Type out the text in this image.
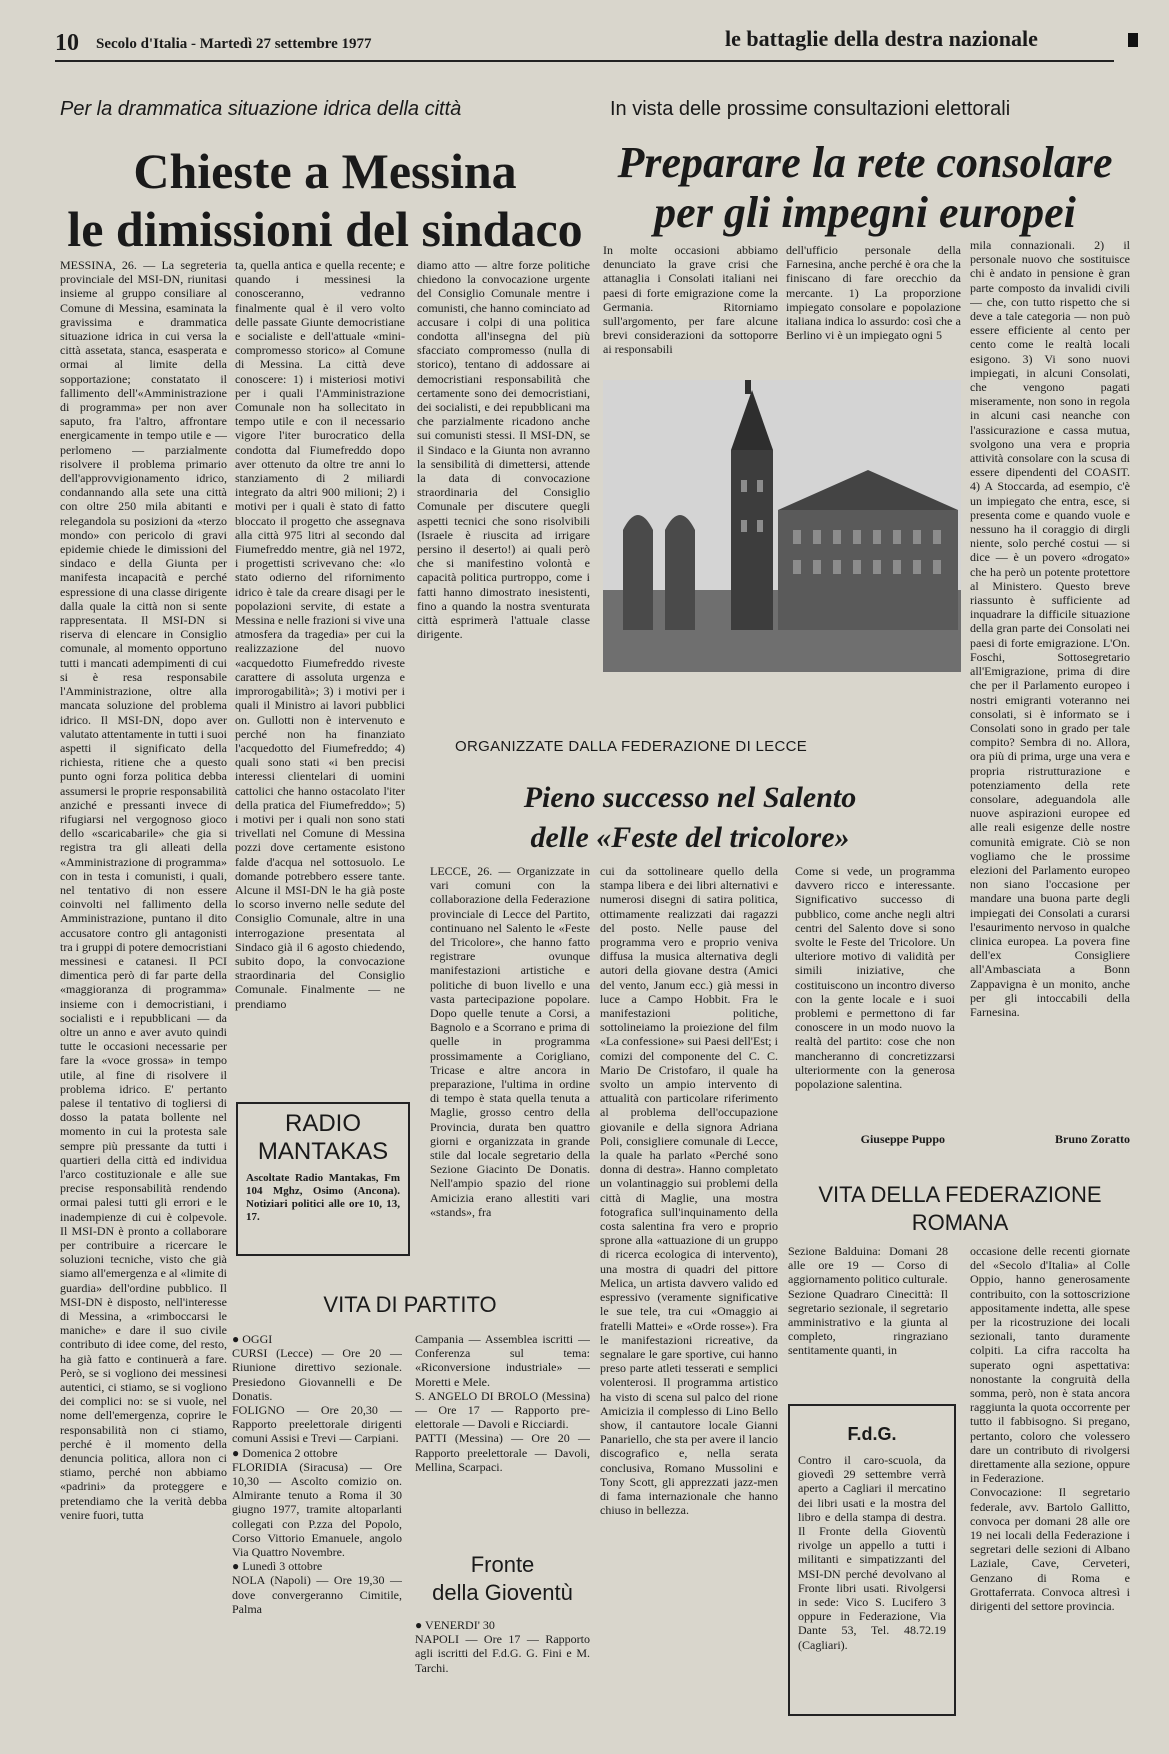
10 Secolo d'Italia - Martedì 27 settembre 1977	le battaglie della destra nazionale
Per la drammatica situazione idrica della città
Chieste a Messina
le dimissioni del sindaco
MESSINA, 26. — La segreteria provinciale del MSI-DN, riunitasi insieme al gruppo consiliare al Comune di Messina, esaminata la gravissima e drammatica situazione idrica in cui versa la città assetata, stanca, esasperata e ormai al limite della sopportazione; constatato il fallimento dell'«Amministrazione di programma» per non aver saputo, fra l'altro, affrontare energicamente in tempo utile e — perlomeno — parzialmente risolvere il problema primario dell'approvvigionamento idrico, condannando alla sete una città con oltre 250 mila abitanti e relegandola su posizioni da «terzo mondo» con pericolo di gravi epidemie chiede le dimissioni del sindaco e della Giunta per manifesta incapacità e perché espressione di una classe dirigente dalla quale la città non si sente rappresentata. Il MSI-DN si riserva di elencare in Consiglio comunale, al momento opportuno tutti i mancati adempimenti di cui si è resa responsabile l'Amministrazione, oltre alla mancata soluzione del problema idrico. Il MSI-DN, dopo aver valutato attentamente in tutti i suoi aspetti il significato della richiesta, ritiene che a questo punto ogni forza politica debba assumersi le proprie responsabilità anziché e pressanti invece di rifugiarsi nel vergognoso gioco dello «scaricabarile» che gia si registra tra gli alleati della «Amministrazione di programma» con in testa i comunisti, i quali, nel tentativo di non essere coinvolti nel fallimento della Amministrazione, puntano il dito accusatore contro gli antagonisti tra i gruppi di potere democristiani messinesi e catanesi. Il PCI dimentica però di far parte della «maggioranza di programma» insieme con i democristiani, i socialisti e i repubblicani — da oltre un anno e aver avuto quindi tutte le occasioni necessarie per fare la «voce grossa» in tempo utile, al fine di risolvere il problema idrico. E' pertanto palese il tentativo di togliersi di dosso la patata bollente nel momento in cui la protesta sale sempre più pressante da tutti i quartieri della città ed individua l'arco costituzionale e alle sue precise responsabilità rendendo ormai palesi tutti gli errori e le inadempienze di cui è colpevole. Il MSI-DN è pronto a collaborare per contribuire a ricercare le soluzioni tecniche, visto che già siamo all'emergenza e al «limite di guardia» dell'ordine pubblico. Il MSI-DN è disposto, nell'interesse di Messina, a «rimboccarsi le maniche» e dare il suo civile contributo di idee come, del resto, ha già fatto e continuerà a fare. Però, se si vogliono dei messinesi autentici, ci stiamo, se si vogliono dei complici no: se si vuole, nel nome dell'emergenza, coprire le responsabilità non ci stiamo, perché è il momento della denuncia politica, allora non ci stiamo, perché non abbiamo «padrini» da proteggere e pretendiamo che la verità debba venire fuori, tutta
ta, quella antica e quella recente; e quando i messinesi la conosceranno, vedranno finalmente qual è il vero volto delle passate Giunte democristiane e socialiste e dell'attuale «mini-compromesso storico» al Comune di Messina. La città deve conoscere: 1) i misteriosi motivi per i quali l'Amministrazione Comunale non ha sollecitato in tempo utile e con il necessario vigore l'iter burocratico della condotta dal Fiumefreddo dopo aver ottenuto da oltre tre anni lo stanziamento di 2 miliardi integrato da altri 900 milioni; 2) i motivi per i quali è stato di fatto bloccato il progetto che assegnava alla città 975 litri al secondo dal Fiumefreddo mentre, già nel 1972, i progettisti scrivevano che: «lo stato odierno del rifornimento idrico è tale da creare disagi per le popolazioni servite, di estate a Messina e nelle frazioni si vive una atmosfera da tragedia» per cui la realizzazione del nuovo «acquedotto Fiumefreddo riveste carattere di assoluta urgenza e improrogabilità»; 3) i motivi per i quali il Ministro ai lavori pubblici on. Gullotti non è intervenuto e perché non ha finanziato l'acquedotto del Fiumefreddo; 4) quali sono stati «i ben precisi interessi clientelari di uomini cattolici che hanno ostacolato l'iter della pratica del Fiumefreddo»; 5) i motivi per i quali non sono stati trivellati nel Comune di Messina pozzi dove certamente esistono falde d'acqua nel sottosuolo. Le domande potrebbero essere tante. Alcune il MSI-DN le ha già poste lo scorso inverno nelle sedute del Consiglio Comunale, altre in una interrogazione presentata al Sindaco già il 6 agosto chiedendo, subito dopo, la convocazione straordinaria del Consiglio Comunale. Finalmente — ne prendiamo
diamo atto — altre forze politiche chiedono la convocazione urgente del Consiglio Comunale mentre i comunisti, che hanno cominciato ad accusare i colpi di una politica condotta all'insegna del più sfacciato compromesso (nulla di storico), tentano di addossare ai democristiani responsabilità che certamente sono dei democristiani, dei socialisti, e dei repubblicani ma che parzialmente ricadono anche sui comunisti stessi. Il MSI-DN, se il Sindaco e la Giunta non avranno la sensibilità di dimettersi, attende la data di convocazione straordinaria del Consiglio Comunale per discutere quegli aspetti tecnici che sono risolvibili (Israele è riuscita ad irrigare persino il deserto!) ai quali però che si manifestino volontà e capacità politica purtroppo, come i fatti hanno dimostrato inesistenti, fino a quando la nostra sventurata città esprimerà l'attuale classe dirigente.
RADIO
MANTAKAS
Ascoltate Radio Mantakas, Fm 104 Mghz, Osimo (Ancona). Notiziari politici alle ore 10, 13, 17.
In vista delle prossime consultazioni elettorali
Preparare la rete consolare
per gli impegni europei
In molte occasioni abbiamo denunciato la grave crisi che attanaglia i Consolati italiani nei paesi di forte emigrazione come la Germania. Ritorniamo sull'argomento, per fare alcune brevi considerazioni da sottoporre ai responsabili
dell'ufficio personale della Farnesina, anche perché è ora che la finiscano di fare orecchio da mercante. 1) La proporzione impiegato consolare e popolazione italiana indica lo assurdo: così che a Berlino vi è un impiegato ogni 5
mila connazionali. 2) il personale nuovo che sostituisce chi è andato in pensione è gran parte composto da invalidi civili — che, con tutto rispetto che si deve a tale categoria — non può essere efficiente al cento per cento come le realtà locali esigono. 3) Vi sono nuovi impiegati, in alcuni Consolati, che vengono pagati miseramente, non sono in regola in alcuni casi neanche con l'assicurazione e cassa mutua, svolgono una vera e propria attività consolare con la scusa di essere dipendenti del COASIT. 4) A Stoccarda, ad esempio, c'è un impiegato che entra, esce, si presenta come e quando vuole e nessuno ha il coraggio di dirgli niente, solo perché costui — si dice — è un povero «drogato» che ha però un potente protettore al Ministero. Questo breve riassunto è sufficiente ad inquadrare la difficile situazione della gran parte dei Consolati nei paesi di forte emigrazione. L'On. Foschi, Sottosegretario all'Emigrazione, prima di dire che per il Parlamento europeo i nostri emigranti voteranno nei consolati, si è informato se i Consolati sono in grado per tale compito? Sembra di no. Allora, ora più di prima, urge una vera e propria ristrutturazione e potenziamento della rete consolare, adeguandola alle nuove aspirazioni europee ed alle reali esigenze delle nostre comunità emigrate. Ciò se non vogliamo che le prossime elezioni del Parlamento europeo non siano l'occasione per mandare una buona parte degli impiegati dei Consolati a curarsi l'esaurimento nervoso in qualche clinica europea. La povera fine dell'ex Consigliere all'Ambasciata a Bonn Zappavigna è un monito, anche per gli intoccabili della Farnesina.
Bruno Zoratto
ORGANIZZATE DALLA FEDERAZIONE DI LECCE
Pieno successo nel Salento
delle «Feste del tricolore»
LECCE, 26. — Organizzate in vari comuni con la collaborazione della Federazione provinciale di Lecce del Partito, continuano nel Salento le «Feste del Tricolore», che hanno fatto registrare ovunque manifestazioni artistiche e politiche di buon livello e una vasta partecipazione popolare. Dopo quelle tenute a Corsi, a Bagnolo e a Scorrano e prima di quelle in programma prossimamente a Corigliano, Tricase e altre ancora in preparazione, l'ultima in ordine di tempo è stata quella tenuta a Maglie, grosso centro della Provincia, durata ben quattro giorni e organizzata in grande stile dal locale segretario della Sezione Giacinto De Donatis. Nell'ampio spazio del rione Amicizia erano allestiti vari «stands», fra
cui da sottolineare quello della stampa libera e dei libri alternativi e numerosi disegni di satira politica, ottimamente realizzati dai ragazzi del posto. Nelle pause del programma vero e proprio veniva diffusa la musica alternativa degli autori della giovane destra (Amici del vento, Janum ecc.) già messi in luce a Campo Hobbit. Fra le manifestazioni politiche, sottolineiamo la proiezione del film «La confessione» sui Paesi dell'Est; i comizi del componente del C. C. Mario De Cristofaro, il quale ha svolto un ampio intervento di attualità con particolare riferimento al problema dell'occupazione giovanile e della signora Adriana Poli, consigliere comunale di Lecce, la quale ha parlato «Perché sono donna di destra». Hanno completato un volantinaggio sui problemi della città di Maglie, una mostra fotografica sull'inquinamento della costa salentina fra vero e proprio sprone alla «attuazione di un gruppo di ricerca ecologica di intervento), una mostra di quadri del pittore Melica, un artista davvero valido ed espressivo (veramente significative le sue tele, tra cui «Omaggio ai fratelli Mattei» e «Orde rosse»). Fra le manifestazioni ricreative, da segnalare le gare sportive, cui hanno preso parte atleti tesserati e semplici volenterosi. Il programma artistico ha visto di scena sul palco del rione Amicizia il complesso di Lino Bello show, il cantautore locale Gianni Panariello, che sta per avere il lancio discografico e, nella serata conclusiva, Romano Mussolini e Tony Scott, gli apprezzati jazz-men di fama internazionale che hanno chiuso in bellezza.
Come si vede, un programma davvero ricco e interessante. Significativo successo di pubblico, come anche negli altri centri del Salento dove si sono svolte le Feste del Tricolore. Un ulteriore motivo di validità per simili iniziative, che costituiscono un incontro diverso con la gente locale e i suoi problemi e permettono di far conoscere in un modo nuovo la realtà del partito: cose che non mancheranno di concretizzarsi ulteriormente con la generosa popolazione salentina.
Giuseppe Puppo
VITA DI PARTITO
● OGGI
CURSI (Lecce) — Ore 20 — Riunione direttivo sezionale. Presiedono Giovannelli e De Donatis.
FOLIGNO — Ore 20,30 — Rapporto preelettorale dirigenti comuni Assisi e Trevi — Carpiani.
● Domenica 2 ottobre
FLORIDIA (Siracusa) — Ore 10,30 — Ascolto comizio on. Almirante tenuto a Roma il 30 giugno 1977, tramite altoparlanti collegati con P.zza del Popolo, Corso Vittorio Emanuele, angolo Via Quattro Novembre.
● Lunedì 3 ottobre
NOLA (Napoli) — Ore 19,30 — dove convergeranno Cimitile, Palma
Campania — Assemblea iscritti — Conferenza sul tema: «Riconversione industriale» — Moretti e Mele.
S. ANGELO DI BROLO (Messina) — Ore 17 — Rapporto pre-elettorale — Davoli e Ricciardi.
PATTI (Messina) — Ore 20 — Rapporto preelettorale — Davoli, Mellina, Scarpaci.
Fronte
della Gioventù
● VENERDI' 30
NAPOLI — Ore 17 — Rapporto agli iscritti del F.d.G. G. Fini e M. Tarchi.
VITA DELLA FEDERAZIONE
ROMANA
Sezione Balduina: Domani 28 alle ore 19 — Corso di aggiornamento politico culturale.
Sezione Quadraro Cinecittà: Il segretario sezionale, il segretario amministrativo e la giunta al completo, ringraziano sentitamente quanti, in
occasione delle recenti giornate del «Secolo d'Italia» al Colle Oppio, hanno generosamente contribuito, con la sottoscrizione appositamente indetta, alle spese per la ricostruzione dei locali sezionali, tanto duramente colpiti. La cifra raccolta ha superato ogni aspettativa: nonostante la congruità della somma, però, non è stata ancora raggiunta la quota occorrente per tutto il fabbisogno. Si pregano, pertanto, coloro che volessero dare un contributo di rivolgersi direttamente alla sezione, oppure in Federazione.
Convocazione: Il segretario federale, avv. Bartolo Gallitto, convoca per domani 28 alle ore 19 nei locali della Federazione i segretari delle sezioni di Albano Laziale, Cave, Cerveteri, Genzano di Roma e Grottaferrata. Convoca altresì i dirigenti del settore provincia.
F.d.G.
Contro il caro-scuola, da giovedì 29 settembre verrà aperto a Cagliari il mercatino dei libri usati e la mostra del libro e della stampa di destra. Il Fronte della Gioventù rivolge un appello a tutti i militanti e simpatizzanti del MSI-DN perché devolvano al Fronte libri usati. Rivolgersi in sede: Vico S. Lucifero 3 oppure in Federazione, Via Dante 53, Tel. 48.72.19 (Cagliari).
